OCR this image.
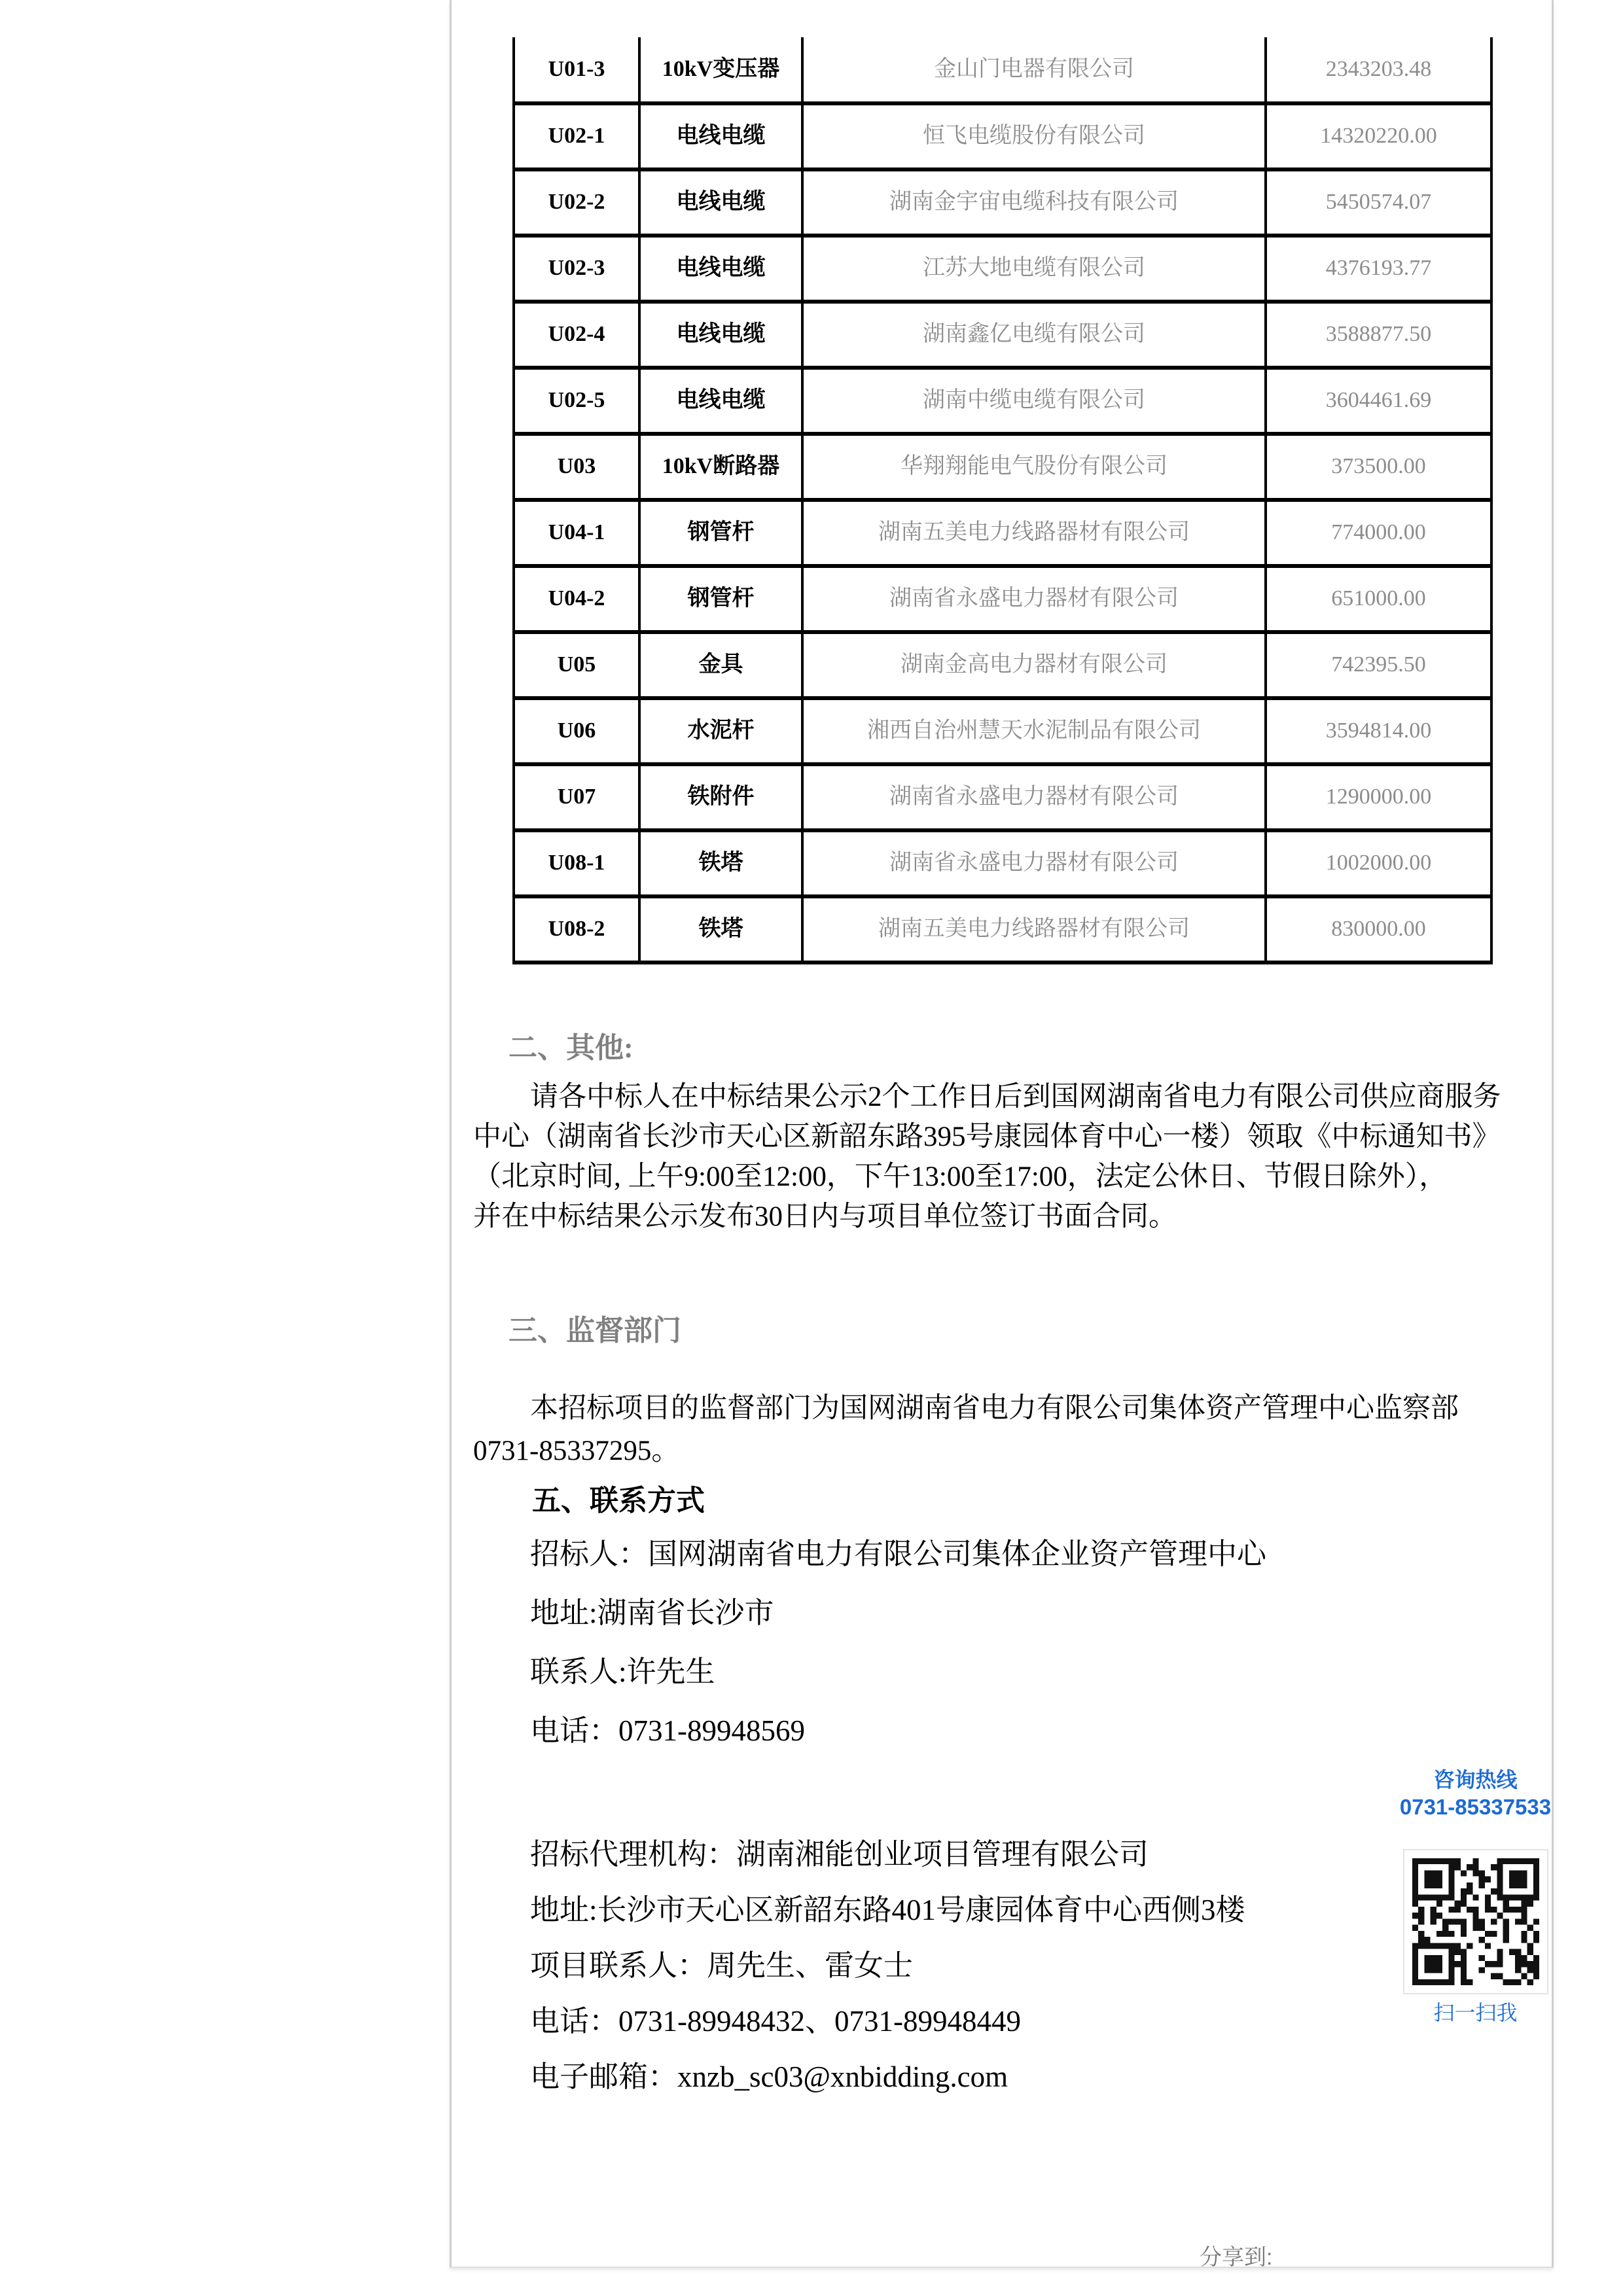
U01-3	10kV变压器	金山门电器有限公司	2343203.48
U02-1	电线电缆	恒飞电缆股份有限公司	14320220.00
U02-2	电线电缆	湖南金宇宙电缆科技有限公司	5450574.07
U02-3	电线电缆	江苏大地电缆有限公司	4376193.77
U02-4	电线电缆	湖南鑫亿电缆有限公司	3588877.50
U02-5	电线电缆	湖南中缆电缆有限公司	3604461.69
U03	10kV断路器	华翔翔能电气股份有限公司	373500.00
U04-1	钢管杆	湖南五美电力线路器材有限公司	774000.00
U04-2	钢管杆	湖南省永盛电力器材有限公司	651000.00
U05	金具	湖南金高电力器材有限公司	742395.50
U06	水泥杆	湘西自治州慧天水泥制品有限公司	3594814.00
U07	铁附件	湖南省永盛电力器材有限公司	1290000.00
U08-1	铁塔	湖南省永盛电力器材有限公司	1002000.00
U08-2	铁塔	湖南五美电力线路器材有限公司	830000.00
二、其他:
请各中标人在中标结果公示2个工作日后到国网湖南省电力有限公司供应商服务
中心（湖南省长沙市天心区新韶东路395号康园体育中心一楼）领取《中标通知书》
（北京时间, 上午9:00至12:00，下午13:00至17:00，法定公休日、节假日除外），
并在中标结果公示发布30日内与项目单位签订书面合同。
三、监督部门
本招标项目的监督部门为国网湖南省电力有限公司集体资产管理中心监察部
0731-85337295。
五、联系方式
招标人：国网湖南省电力有限公司集体企业资产管理中心
地址:湖南省长沙市
联系人:许先生
电话：0731-89948569
招标代理机构：湖南湘能创业项目管理有限公司
地址:长沙市天心区新韶东路401号康园体育中心西侧3楼
项目联系人：周先生、雷女士
电话：0731-89948432、0731-89948449
电子邮箱：xnzb_sc03@xnbidding.com
咨询热线
0731-85337533
扫一扫我
分享到:
